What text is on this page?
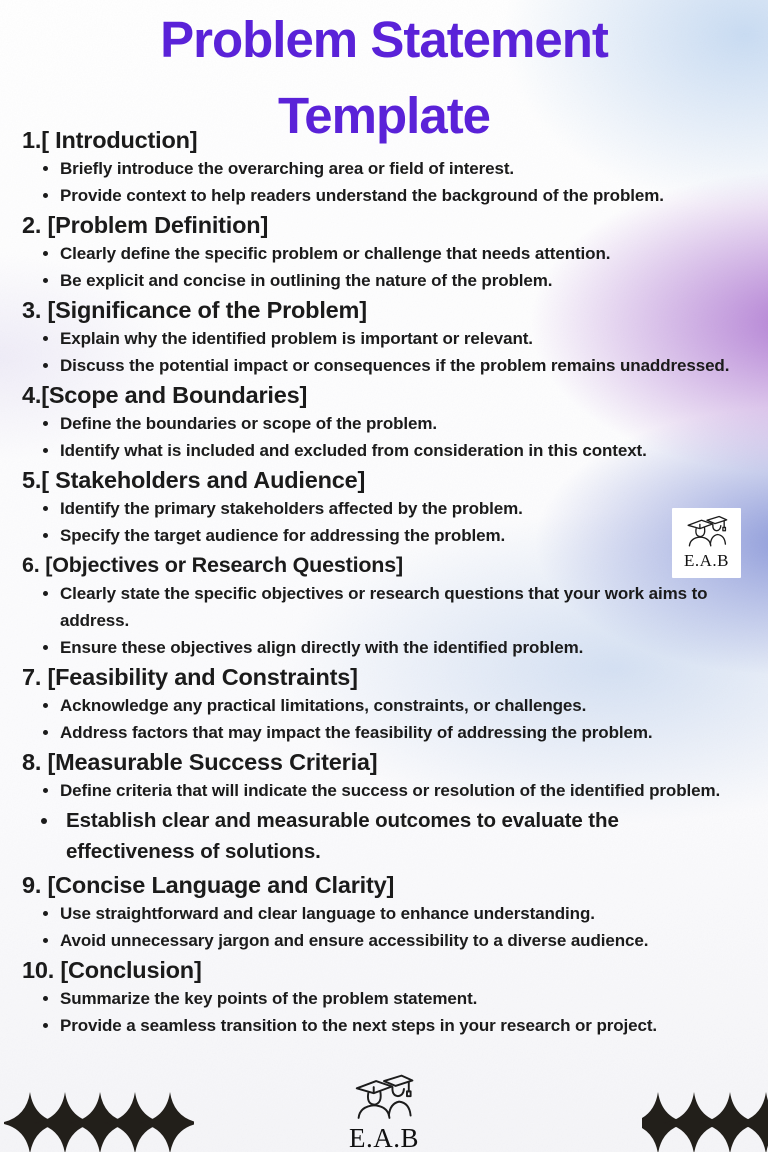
Problem Statement
Template
1.[ Introduction]
• Briefly introduce the overarching area or field of interest.
• Provide context to help readers understand the background of the problem.
2. [Problem Definition]
• Clearly define the specific problem or challenge that needs attention.
• Be explicit and concise in outlining the nature of the problem.
3. [Significance of the Problem]
• Explain why the identified problem is important or relevant.
• Discuss the potential impact or consequences if the problem remains unaddressed.
4.[Scope and Boundaries]
• Define the boundaries or scope of the problem.
• Identify what is included and excluded from consideration in this context.
5.[ Stakeholders and Audience]
• Identify the primary stakeholders affected by the problem.
• Specify the target audience for addressing the problem.
6. [Objectives or Research Questions]
• Clearly state the specific objectives or research questions that your work aims to address.
• Ensure these objectives align directly with the identified problem.
7. [Feasibility and Constraints]
• Acknowledge any practical limitations, constraints, or challenges.
• Address factors that may impact the feasibility of addressing the problem.
8. [Measurable Success Criteria]
• Define criteria that will indicate the success or resolution of the identified problem.
• Establish clear and measurable outcomes to evaluate the effectiveness of solutions.
9. [Concise Language and Clarity]
• Use straightforward and clear language to enhance understanding.
• Avoid unnecessary jargon and ensure accessibility to a diverse audience.
10. [Conclusion]
• Summarize the key points of the problem statement.
• Provide a seamless transition to the next steps in your research or project.
E.A.B
E.A.B
